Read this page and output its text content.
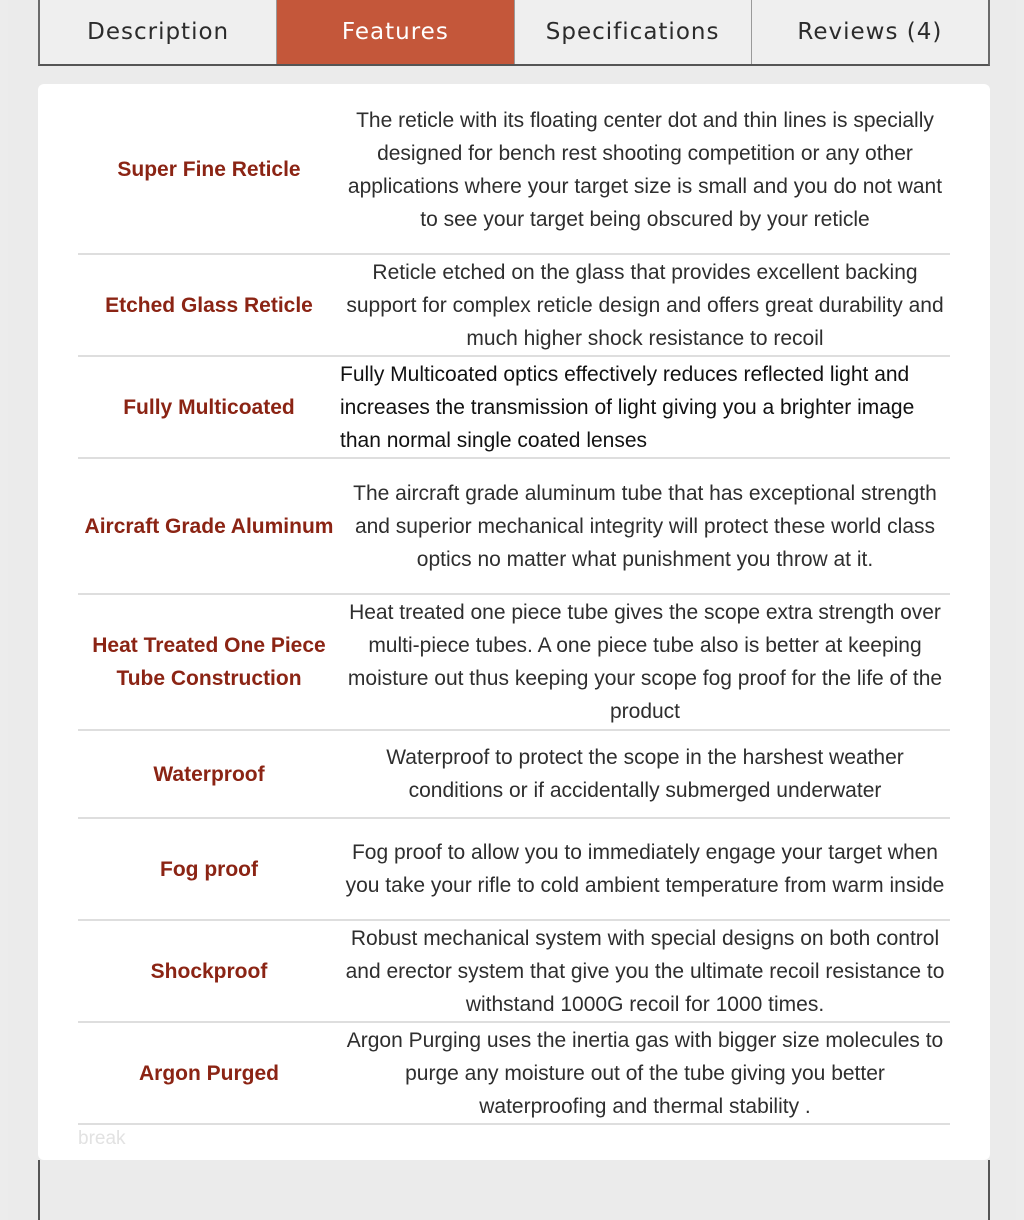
Description	Features	Specifications	Reviews (4)
Super Fine Reticle	The reticle with its floating center dot and thin lines is specially designed for bench rest shooting competition or any other applications where your target size is small and you do not want to see your target being obscured by your reticle
Etched Glass Reticle	Reticle etched on the glass that provides excellent backing support for complex reticle design and offers great durability and much higher shock resistance to recoil
Fully Multicoated	Fully Multicoated optics effectively reduces reflected light and increases the transmission of light giving you a brighter image than normal single coated lenses
Aircraft Grade Aluminum	The aircraft grade aluminum tube that has exceptional strength and superior mechanical integrity will protect these world class optics no matter what punishment you throw at it.
Heat Treated One Piece Tube Construction	Heat treated one piece tube gives the scope extra strength over multi-piece tubes. A one piece tube also is better at keeping moisture out thus keeping your scope fog proof for the life of the product
Waterproof	Waterproof to protect the scope in the harshest weather conditions or if accidentally submerged underwater
Fog proof	Fog proof to allow you to immediately engage your target when you take your rifle to cold ambient temperature from warm inside
Shockproof	Robust mechanical system with special designs on both control and erector system that give you the ultimate recoil resistance to withstand 1000G recoil for 1000 times.
Argon Purged	Argon Purging uses the inertia gas with bigger size molecules to purge any moisture out of the tube giving you better waterproofing and thermal stability .
break
